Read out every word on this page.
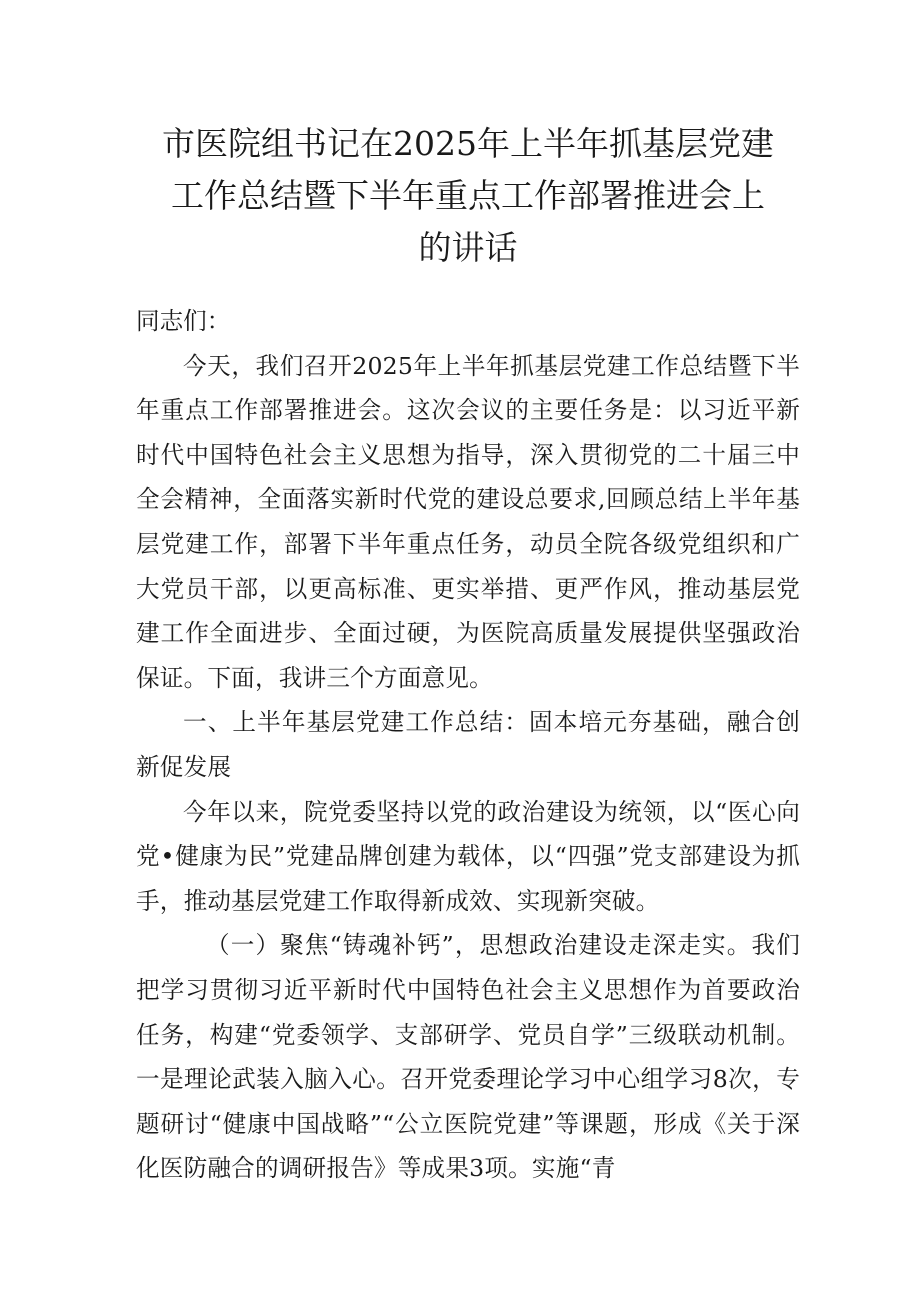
市医院组书记在2025年上半年抓基层党建
工作总结暨下半年重点工作部署推进会上
的讲话

同志们：

今天，我们召开2025年上半年抓基层党建工作总结暨下半年重点工作部署推进会。这次会议的主要任务是：以习近平新时代中国特色社会主义思想为指导，深入贯彻党的二十届三中全会精神，全面落实新时代党的建设总要求,回顾总结上半年基层党建工作，部署下半年重点任务，动员全院各级党组织和广大党员干部，以更高标准、更实举措、更严作风，推动基层党建工作全面进步、全面过硬，为医院高质量发展提供坚强政治保证。下面，我讲三个方面意见。

一、上半年基层党建工作总结：固本培元夯基础，融合创新促发展

今年以来，院党委坚持以党的政治建设为统领，以“医心向党•健康为民”党建品牌创建为载体，以“四强”党支部建设为抓手，推动基层党建工作取得新成效、实现新突破。

（一）聚焦“铸魂补钙”，思想政治建设走深走实。我们把学习贯彻习近平新时代中国特色社会主义思想作为首要政治任务，构建“党委领学、支部研学、党员自学”三级联动机制。一是理论武装入脑入心。召开党委理论学习中心组学习8次，专题研讨“健康中国战略”“公立医院党建”等课题，形成《关于深化医防融合的调研报告》等成果3项。实施“青
